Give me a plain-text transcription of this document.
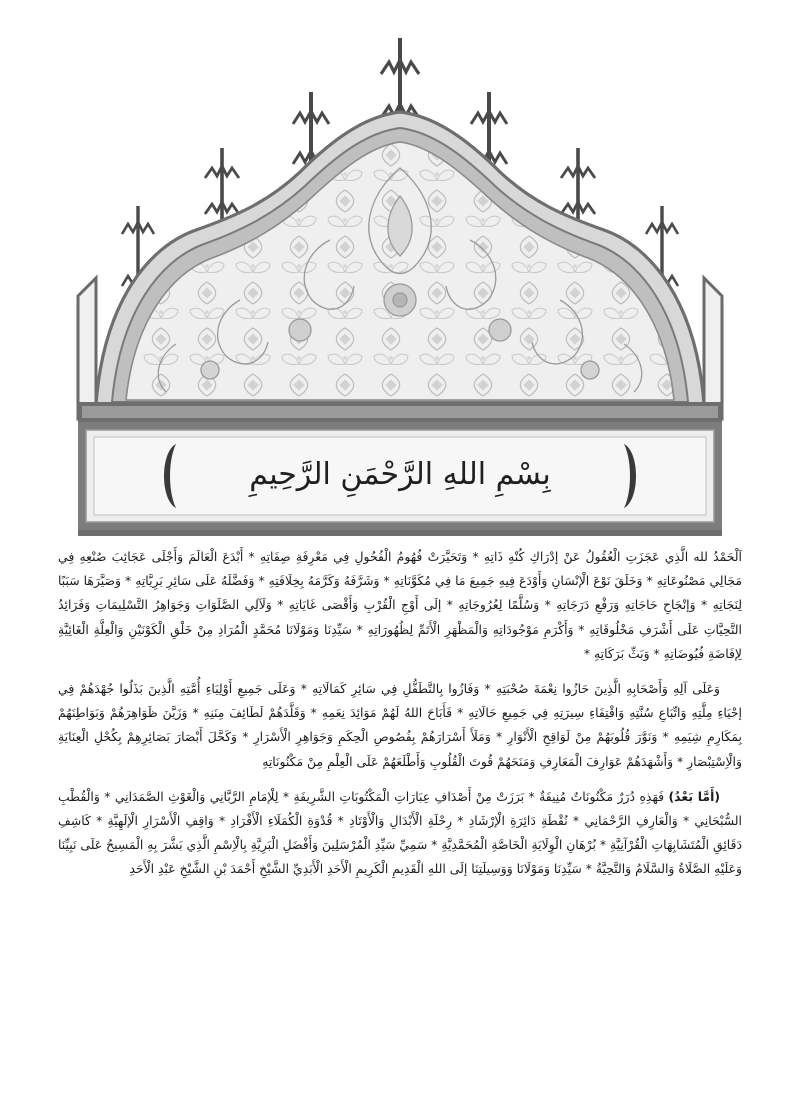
بِسْمِ اللهِ الرَّحْمَنِ الرَّحِيمِ

اَلْحَمْدُ لله الَّذِي عَجَزَتِ الْعُقُولُ عَنْ إدْرَاكِ كُنْهِ ذَاتِهِ * وَتَحَيَّرَتْ فُهُومُ الْفُحُولِ فِي مَعْرِفَةِ صِفَاتِهِ * أَبْدَعَ الْعَالَمَ وَأَجْلَى عَجَائِبَ صُنْعِهِ فِي مَجَالِي مَصْنُوعَاتِهِ * وَخَلَقَ نَوْعَ الْإنْسَانِ وَأَوْدَعَ فِيهِ جَمِيعَ مَا فِي مُكَوَّنَاتِهِ * وَشَرَّفَهُ وَكَرَّمَهُ بِخِلَافَتِهِ * وَفَضَّلَهُ عَلَى سَائِرِ بَرِيَّاتِهِ * وَصَيَّرَهَا سَبَبًا لِنَجَاتِهِ * وَإنْجَاحِ حَاجَاتِهِ وَرَفْعِ دَرَجَاتِهِ * وَسُلَّمًا لِعُرُوجَاتِهِ * إلَى أَوْجِ الْقُرْبِ وَأَقْصَى غَايَاتِهِ * وَلَآلِي الصَّلَوَاتِ وَجَوَاهِرُ التَّسْلِيمَاتِ وَفَرَائِدُ التَّحِيَّاتِ عَلَى أَشْرَفِ مَخْلُوقَاتِهِ * وَأَكْرَمِ مَوْجُودَاتِهِ وَالْمَظْهَرِ الْأَتَمِّ لِظُهُورَاتِهِ * سَيِّدِنَا وَمَوْلَانَا مُحَمَّدٍ الْمُرَادِ مِنْ خَلْقِ الْكَوْنَيْنِ وَالْعِلَّةِ الْغَائِيَّةِ لِإفَاضَةِ فُيُوضَاتِهِ * وَبَثِّ بَرَكَاتِهِ *

وَعَلَى آلِهِ وَأَصْحَابِهِ الَّذِينَ حَازُوا نِعْمَةَ صُحْبَتِهِ * وَفَازُوا بِالتَّطَفُّلِ فِي سَائِرِ كَمَالَاتِهِ * وَعَلَى جَمِيعِ أَوْلِيَاءِ أُمَّتِهِ الَّذِينَ بَذَلُوا جُهْدَهُمْ فِي إحْيَاءِ مِلَّتِهِ وَاتِّبَاعِ سُنَّتِهِ وَاقْتِفَاءِ سِيرَتِهِ فِي جَمِيعِ حَالَاتِهِ * فَأَبَاحَ اللهُ لَهُمْ مَوَائِدَ نِعَمِهِ * وَقَلَّدَهُمْ لَطَائِفَ مِنَنِهِ * وَزَيَّنَ ظَوَاهِرَهُمْ وَبَوَاطِنَهُمْ بِمَكَارِمِ شِيَمِهِ * وَنَوَّرَ قُلُوبَهُمْ مِنْ لَوَاقِحِ الْأَنْوَارِ * وَمَلَأَ أَسْرَارَهُمْ بِفُصُوصِ الْحِكَمِ وَجَوَاهِرِ الْأَسْرَارِ * وَكَحَّلَ أَبْصَارَ بَصَائِرِهِمْ بِكُحْلِ الْعِنَايَةِ وَالْاِسْتِبْصَارِ * وَأَشْهَدَهُمْ عَوَارِفَ الْمَعَارِفِ وَمَنَحَهُمْ قُوتَ الْقُلُوبِ وَأَطْلَعَهُمْ عَلَى الْعِلْمِ مِنْ مَكْنُونَاتِهِ

(أَمَّا بَعْدُ) فَهَذِهِ دُرَرٌ مَكْنُونَاتٌ مُنِيفَةٌ * بَرَزَتْ مِنْ أَصْدَافِ عِبَارَاتِ الْمَكْتُوبَاتِ الشَّرِيفَةِ * لِلْإمَامِ الرَّبَّانِي وَالْغَوْثِ الصَّمَدَانِي * وَالْقُطْبِ السُّبْحَانِي * وَالْعَارِفِ الرَّحْمَانِي * نُقْطَةِ دَائِرَةِ الْإرْشَادِ * رِحْلَةِ الْأَبْدَالِ وَالْأَوْتَادِ * قُدْوَةِ الْكُمَلَاءِ الْأَفْرَادِ * وَاقِفِ الْأَسْرَارِ الْإلَهِيَّةِ * كَاشِفِ دَقَائِقِ الْمُتَشَابِهَاتِ الْقُرْآنِيَّةِ * بُرْهَانِ الْوِلَايَةِ الْخَاصَّةِ الْمُحَمَّدِيَّةِ * سَمِيِّ سَيِّدِ الْمُرْسَلِينَ وَأَفْضَلِ الْبَرِيَّةِ بِالْاِسْمِ الَّذِي بَشَّرَ بِهِ الْمَسِيحُ عَلَى نَبِيِّنَا وَعَلَيْهِ الصَّلَاةُ وَالسَّلَامُ وَالتَّحِيَّةُ * سَيِّدِنَا وَمَوْلَانَا وَوَسِيلَتِنَا إلَى اللهِ الْقَدِيمِ الْكَرِيمِ الْأَحَدِ الْأَبَدِيِّ الشَّيْخِ أَحْمَدَ بْنِ الشَّيْخِ عَبْدِ الْأَحَدِ
